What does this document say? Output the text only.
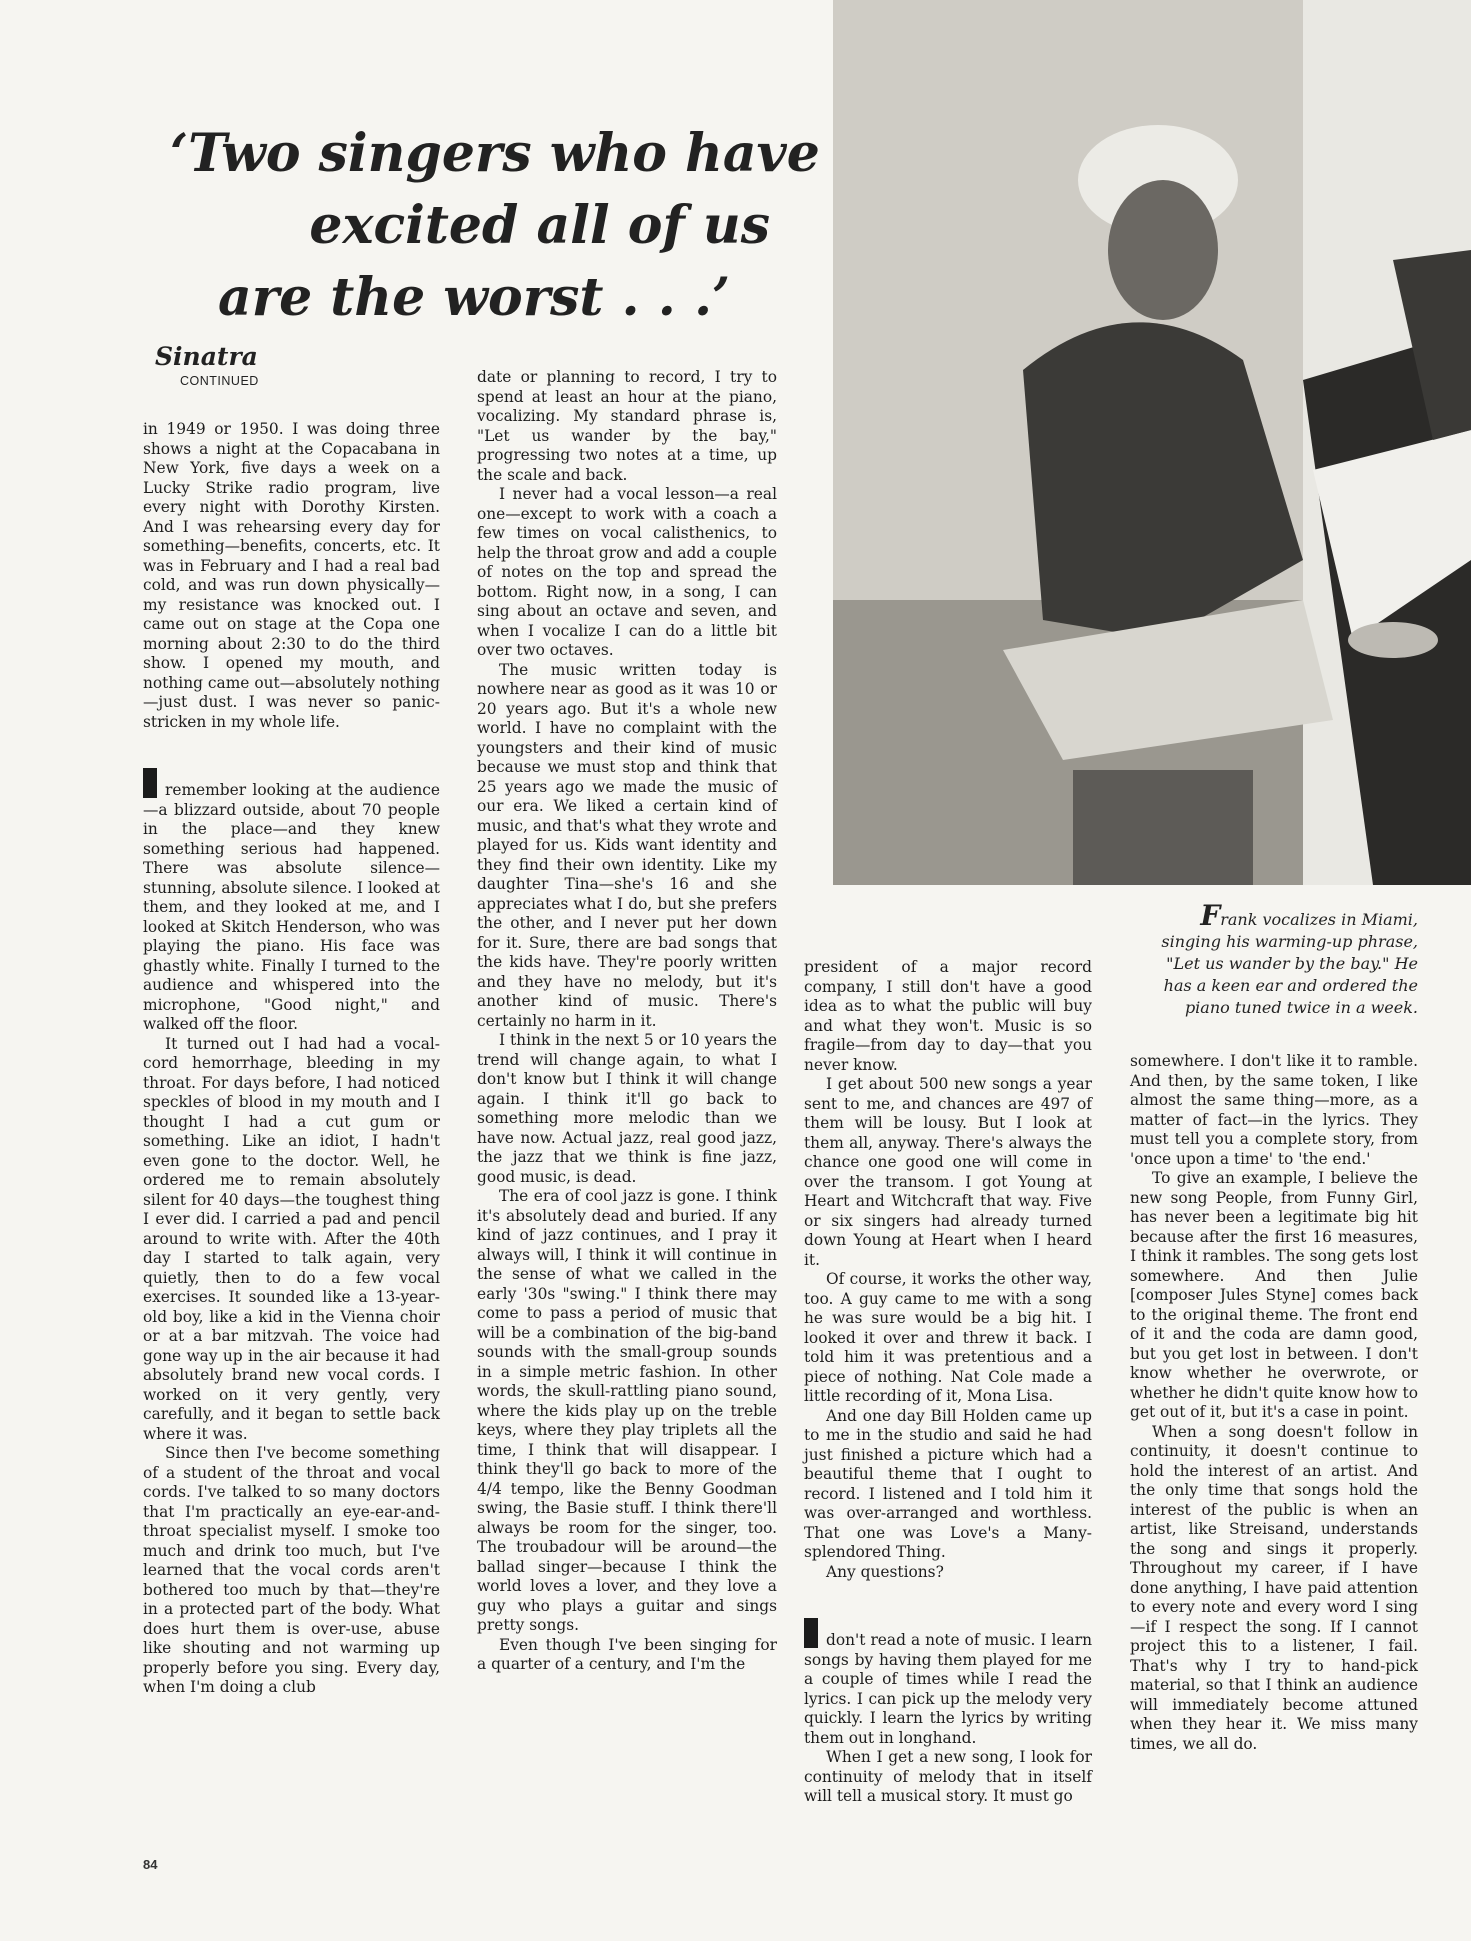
‘Two singers who have
excited all of us
are the worst . . .’
Sinatra
CONTINUED

in 1949 or 1950. I was doing three shows a night at the Copacabana in New York, five days a week on a Lucky Strike radio program, live every night with Dorothy Kirsten. And I was rehearsing every day for something—benefits, concerts, etc. It was in February and I had a real bad cold, and was run down physically—my resistance was knocked out. I came out on stage at the Copa one morning about 2:30 to do the third show. I opened my mouth, and nothing came out—absolutely nothing—just dust. I was never so panic-stricken in my whole life.

remember looking at the audience—a blizzard outside, about 70 people in the place—and they knew something serious had happened. There was absolute silence—stunning, absolute silence. I looked at them, and they looked at me, and I looked at Skitch Henderson, who was playing the piano. His face was ghastly white. Finally I turned to the audience and whispered into the microphone, "Good night," and walked off the floor.

It turned out I had had a vocal-cord hemorrhage, bleeding in my throat. For days before, I had noticed speckles of blood in my mouth and I thought I had a cut gum or something. Like an idiot, I hadn't even gone to the doctor. Well, he ordered me to remain absolutely silent for 40 days—the toughest thing I ever did. I carried a pad and pencil around to write with. After the 40th day I started to talk again, very quietly, then to do a few vocal exercises. It sounded like a 13-year-old boy, like a kid in the Vienna choir or at a bar mitzvah. The voice had gone way up in the air because it had absolutely brand new vocal cords. I worked on it very gently, very carefully, and it began to settle back where it was.

Since then I've become something of a student of the throat and vocal cords. I've talked to so many doctors that I'm practically an eye-ear-and-throat specialist myself. I smoke too much and drink too much, but I've learned that the vocal cords aren't bothered too much by that—they're in a protected part of the body. What does hurt them is over-use, abuse like shouting and not warming up properly before you sing. Every day, when I'm doing a club

date or planning to record, I try to spend at least an hour at the piano, vocalizing. My standard phrase is, "Let us wander by the bay," progressing two notes at a time, up the scale and back.

I never had a vocal lesson—a real one—except to work with a coach a few times on vocal calisthenics, to help the throat grow and add a couple of notes on the top and spread the bottom. Right now, in a song, I can sing about an octave and seven, and when I vocalize I can do a little bit over two octaves.

The music written today is nowhere near as good as it was 10 or 20 years ago. But it's a whole new world. I have no complaint with the youngsters and their kind of music because we must stop and think that 25 years ago we made the music of our era. We liked a certain kind of music, and that's what they wrote and played for us. Kids want identity and they find their own identity. Like my daughter Tina—she's 16 and she appreciates what I do, but she prefers the other, and I never put her down for it. Sure, there are bad songs that the kids have. They're poorly written and they have no melody, but it's another kind of music. There's certainly no harm in it.

I think in the next 5 or 10 years the trend will change again, to what I don't know but I think it will change again. I think it'll go back to something more melodic than we have now. Actual jazz, real good jazz, the jazz that we think is fine jazz, good music, is dead.

The era of cool jazz is gone. I think it's absolutely dead and buried. If any kind of jazz continues, and I pray it always will, I think it will continue in the sense of what we called in the early '30s "swing." I think there may come to pass a period of music that will be a combination of the big-band sounds with the small-group sounds in a simple metric fashion. In other words, the skull-rattling piano sound, where the kids play up on the treble keys, where they play triplets all the time, I think that will disappear. I think they'll go back to more of the 4/4 tempo, like the Benny Goodman swing, the Basie stuff. I think there'll always be room for the singer, too. The troubadour will be around—the ballad singer—because I think the world loves a lover, and they love a guy who plays a guitar and sings pretty songs.

Even though I've been singing for a quarter of a century, and I'm the

Frank vocalizes in Miami, singing his warming-up phrase, "Let us wander by the bay." He has a keen ear and ordered the piano tuned twice in a week.

president of a major record company, I still don't have a good idea as to what the public will buy and what they won't. Music is so fragile—from day to day—that you never know.

I get about 500 new songs a year sent to me, and chances are 497 of them will be lousy. But I look at them all, anyway. There's always the chance one good one will come in over the transom. I got Young at Heart and Witchcraft that way. Five or six singers had already turned down Young at Heart when I heard it.

Of course, it works the other way, too. A guy came to me with a song he was sure would be a big hit. I looked it over and threw it back. I told him it was pretentious and a piece of nothing. Nat Cole made a little recording of it, Mona Lisa.

And one day Bill Holden came up to me in the studio and said he had just finished a picture which had a beautiful theme that I ought to record. I listened and I told him it was over-arranged and worthless. That one was Love's a Many-splendored Thing.

Any questions?

don't read a note of music. I learn songs by having them played for me a couple of times while I read the lyrics. I can pick up the melody very quickly. I learn the lyrics by writing them out in longhand.

When I get a new song, I look for continuity of melody that in itself will tell a musical story. It must go

somewhere. I don't like it to ramble. And then, by the same token, I like almost the same thing—more, as a matter of fact—in the lyrics. They must tell you a complete story, from 'once upon a time' to 'the end.'

To give an example, I believe the new song People, from Funny Girl, has never been a legitimate big hit because after the first 16 measures, I think it rambles. The song gets lost somewhere. And then Julie [composer Jules Styne] comes back to the original theme. The front end of it and the coda are damn good, but you get lost in between. I don't know whether he overwrote, or whether he didn't quite know how to get out of it, but it's a case in point.

When a song doesn't follow in continuity, it doesn't continue to hold the interest of an artist. And the only time that songs hold the interest of the public is when an artist, like Streisand, understands the song and sings it properly. Throughout my career, if I have done anything, I have paid attention to every note and every word I sing—if I respect the song. If I cannot project this to a listener, I fail. That's why I try to hand-pick material, so that I think an audience will immediately become attuned when they hear it. We miss many times, we all do.

84
